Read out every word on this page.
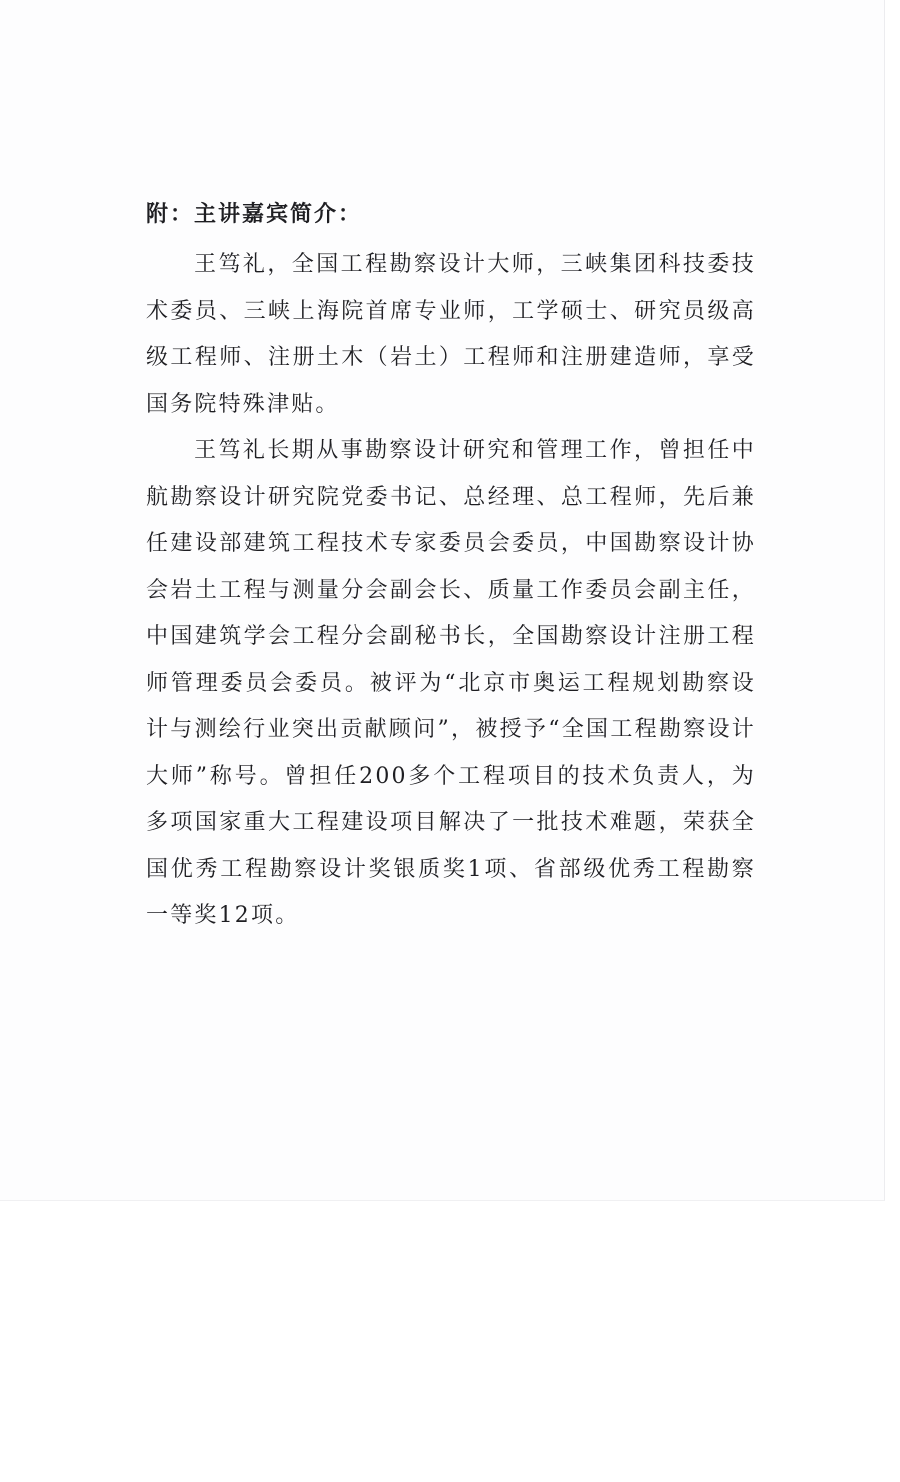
附：主讲嘉宾简介：

王笃礼，全国工程勘察设计大师，三峡集团科技委技术委员、三峡上海院首席专业师，工学硕士、研究员级高级工程师、注册土木（岩土）工程师和注册建造师，享受国务院特殊津贴。

王笃礼长期从事勘察设计研究和管理工作，曾担任中航勘察设计研究院党委书记、总经理、总工程师，先后兼任建设部建筑工程技术专家委员会委员，中国勘察设计协会岩土工程与测量分会副会长、质量工作委员会副主任，中国建筑学会工程分会副秘书长，全国勘察设计注册工程师管理委员会委员。被评为“北京市奥运工程规划勘察设计与测绘行业突出贡献顾问”，被授予“全国工程勘察设计大师”称号。曾担任200多个工程项目的技术负责人，为多项国家重大工程建设项目解决了一批技术难题，荣获全国优秀工程勘察设计奖银质奖1项、省部级优秀工程勘察一等奖12项。
